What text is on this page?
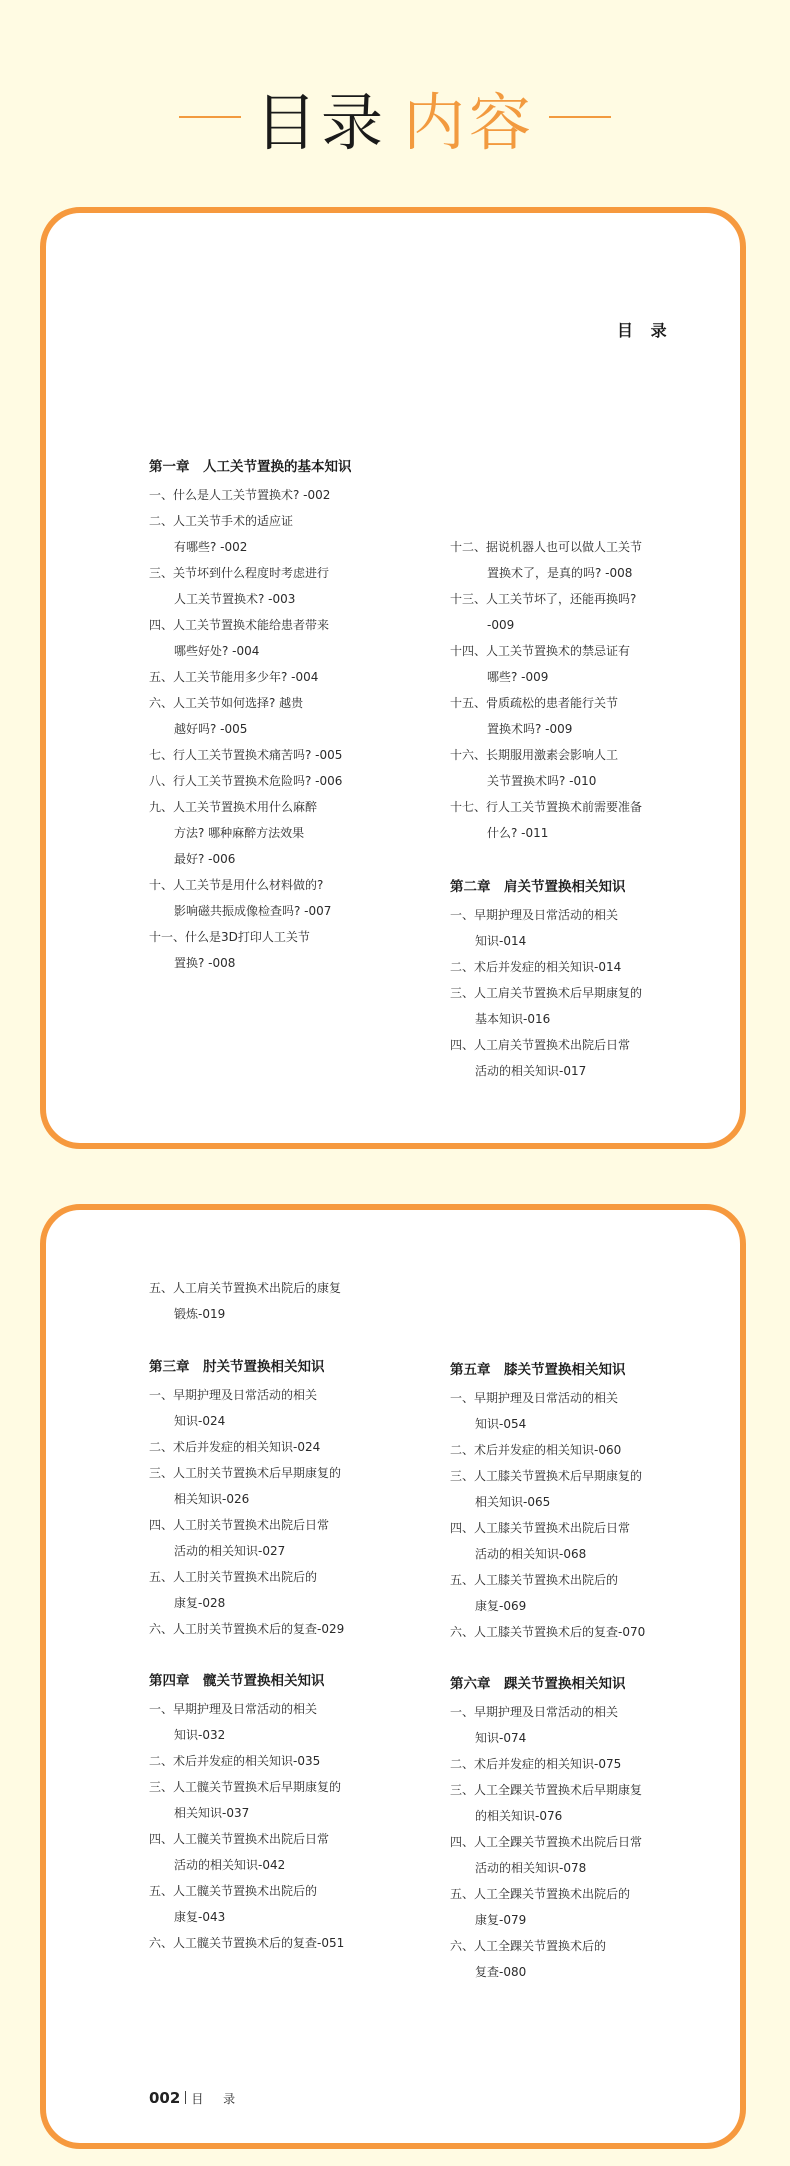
目录 内容
目 录
第一章　人工关节置换的基本知识
一、什么是人工关节置换术? -002
二、人工关节手术的适应证
有哪些? -002
三、关节坏到什么程度时考虑进行
人工关节置换术? -003
四、人工关节置换术能给患者带来
哪些好处? -004
五、人工关节能用多少年? -004
六、人工关节如何选择? 越贵
越好吗? -005
七、行人工关节置换术痛苦吗? -005
八、行人工关节置换术危险吗? -006
九、人工关节置换术用什么麻醉
方法? 哪种麻醉方法效果
最好? -006
十、人工关节是用什么材料做的?
影响磁共振成像检查吗? -007
十一、什么是3D打印人工关节
置换? -008
十二、据说机器人也可以做人工关节
置换术了，是真的吗? -008
十三、人工关节坏了，还能再换吗?
-009
十四、人工关节置换术的禁忌证有
哪些? -009
十五、骨质疏松的患者能行关节
置换术吗? -009
十六、长期服用激素会影响人工
关节置换术吗? -010
十七、行人工关节置换术前需要准备
什么? -011
第二章　肩关节置换相关知识
一、早期护理及日常活动的相关
知识-014
二、术后并发症的相关知识-014
三、人工肩关节置换术后早期康复的
基本知识-016
四、人工肩关节置换术出院后日常
活动的相关知识-017
五、人工肩关节置换术出院后的康复
锻炼-019
第三章　肘关节置换相关知识
一、早期护理及日常活动的相关
知识-024
二、术后并发症的相关知识-024
三、人工肘关节置换术后早期康复的
相关知识-026
四、人工肘关节置换术出院后日常
活动的相关知识-027
五、人工肘关节置换术出院后的
康复-028
六、人工肘关节置换术后的复查-029
第四章　髋关节置换相关知识
一、早期护理及日常活动的相关
知识-032
二、术后并发症的相关知识-035
三、人工髋关节置换术后早期康复的
相关知识-037
四、人工髋关节置换术出院后日常
活动的相关知识-042
五、人工髋关节置换术出院后的
康复-043
六、人工髋关节置换术后的复查-051
第五章　膝关节置换相关知识
一、早期护理及日常活动的相关
知识-054
二、术后并发症的相关知识-060
三、人工膝关节置换术后早期康复的
相关知识-065
四、人工膝关节置换术出院后日常
活动的相关知识-068
五、人工膝关节置换术出院后的
康复-069
六、人工膝关节置换术后的复查-070
第六章　踝关节置换相关知识
一、早期护理及日常活动的相关
知识-074
二、术后并发症的相关知识-075
三、人工全踝关节置换术后早期康复
的相关知识-076
四、人工全踝关节置换术出院后日常
活动的相关知识-078
五、人工全踝关节置换术出院后的
康复-079
六、人工全踝关节置换术后的
复查-080
002 目 录
